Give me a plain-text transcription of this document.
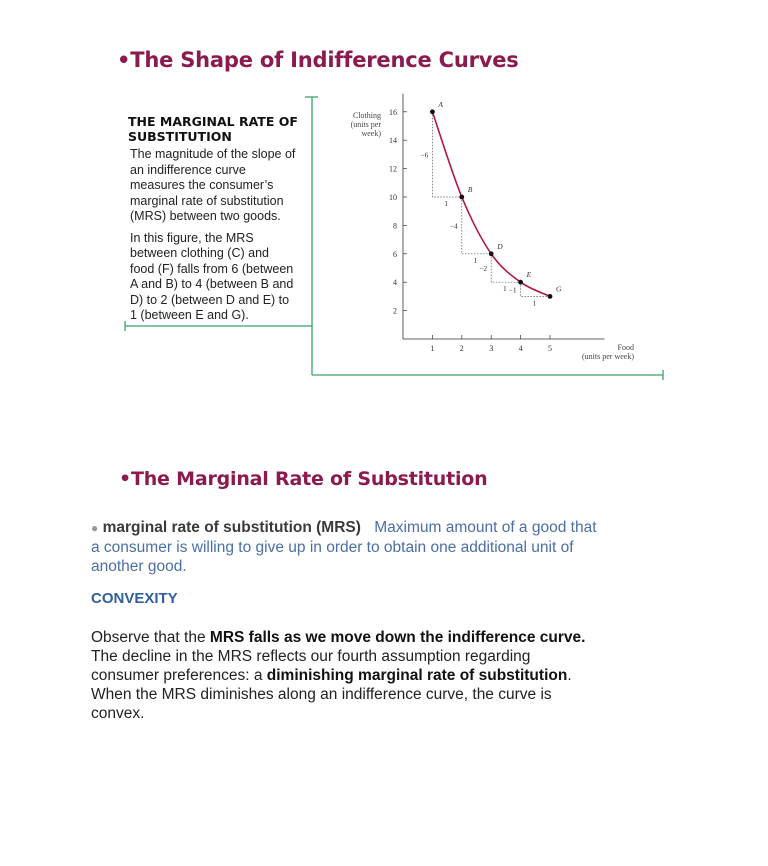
•The Shape of Indifference Curves
THE MARGINAL RATE OF
SUBSTITUTION

The magnitude of the slope of
an indifference curve
measures the consumer’s
marginal rate of substitution
(MRS) between two goods.

In this figure, the MRS
between clothing (C) and
food (F) falls from 6 (between
A and B) to 4 (between B and
D) to 2 (between D and E) to
1 (between E and G).	2
4
6
8
10
12
14
16
1	2	3	4	5
Clothing
(units per
week)
Food
(units per week)
−6
1
−4
1
−2
1 −1
1
A
B
D
E
G
•The Marginal Rate of Substitution
● marginal rate of substitution (MRS) Maximum amount of a good that a consumer is willing to give up in order to obtain one additional unit of another good.
CONVEXITY
Observe that the MRS falls as we move down the indifference curve. The decline in the MRS reflects our fourth assumption regarding consumer preferences: a diminishing marginal rate of substitution. When the MRS diminishes along an indifference curve, the curve is convex.
